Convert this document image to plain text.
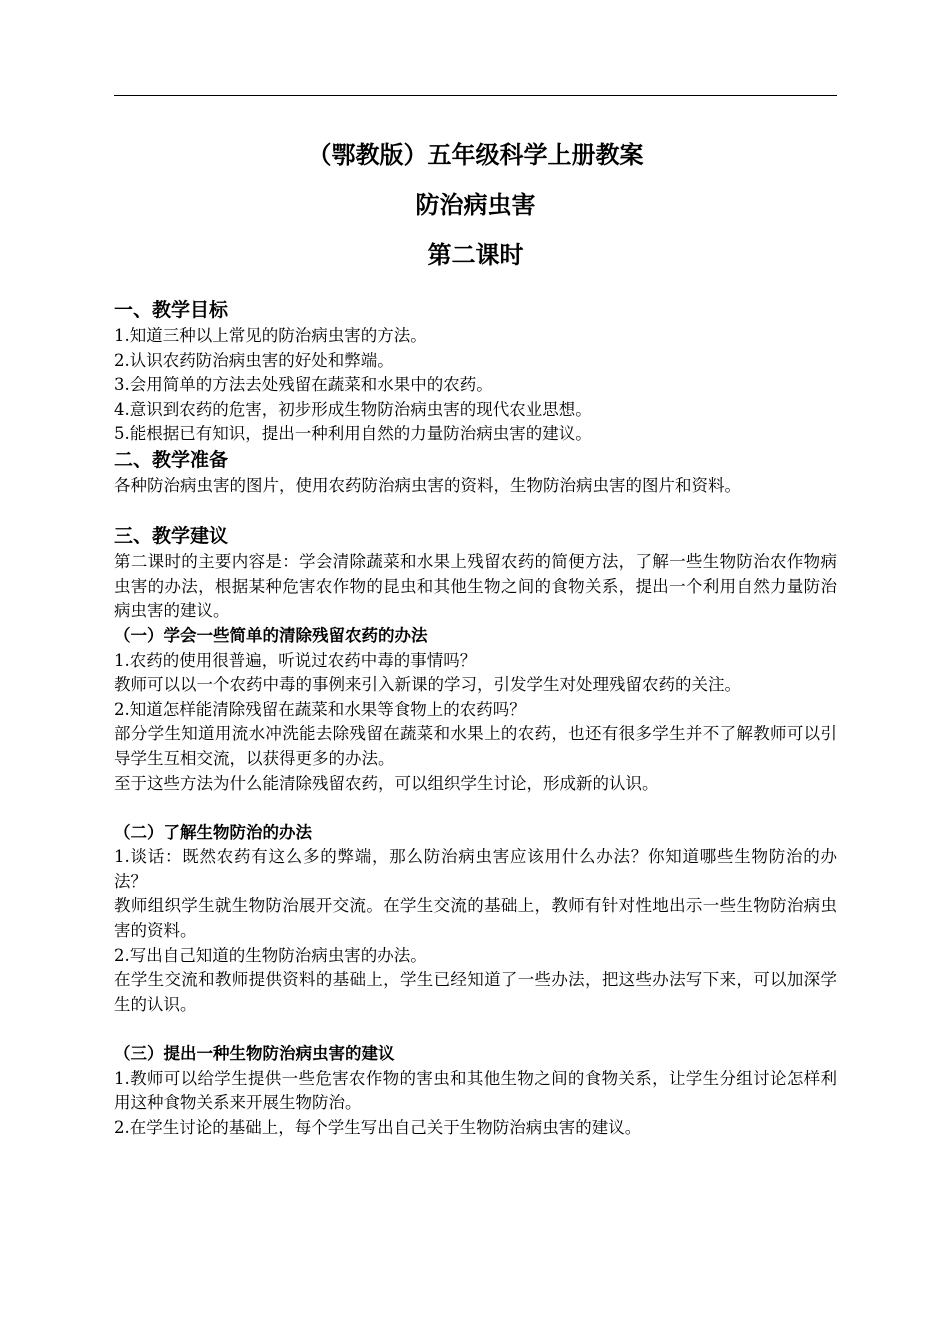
（鄂教版）五年级科学上册教案

防治病虫害

第二课时

一、教学目标

1.知道三种以上常见的防治病虫害的方法。

2.认识农药防治病虫害的好处和弊端。

3.会用简单的方法去处残留在蔬菜和水果中的农药。

4.意识到农药的危害，初步形成生物防治病虫害的现代农业思想。

5.能根据已有知识，提出一种利用自然的力量防治病虫害的建议。

二、教学准备

各种防治病虫害的图片，使用农药防治病虫害的资料，生物防治病虫害的图片和资料。

三、教学建议

第二课时的主要内容是：学会清除蔬菜和水果上残留农药的简便方法，了解一些生物防治农作物病虫害的办法，根据某种危害农作物的昆虫和其他生物之间的食物关系，提出一个利用自然力量防治病虫害的建议。

（一）学会一些简单的清除残留农药的办法

1.农药的使用很普遍，听说过农药中毒的事情吗？

教师可以以一个农药中毒的事例来引入新课的学习，引发学生对处理残留农药的关注。

2.知道怎样能清除残留在蔬菜和水果等食物上的农药吗？

部分学生知道用流水冲洗能去除残留在蔬菜和水果上的农药，也还有很多学生并不了解教师可以引导学生互相交流，以获得更多的办法。

至于这些方法为什么能清除残留农药，可以组织学生讨论，形成新的认识。

（二）了解生物防治的办法

1.谈话：既然农药有这么多的弊端，那么防治病虫害应该用什么办法？你知道哪些生物防治的办法？

教师组织学生就生物防治展开交流。在学生交流的基础上，教师有针对性地出示一些生物防治病虫害的资料。

2.写出自己知道的生物防治病虫害的办法。

在学生交流和教师提供资料的基础上，学生已经知道了一些办法，把这些办法写下来，可以加深学生的认识。

（三）提出一种生物防治病虫害的建议

1.教师可以给学生提供一些危害农作物的害虫和其他生物之间的食物关系，让学生分组讨论怎样利用这种食物关系来开展生物防治。

2.在学生讨论的基础上，每个学生写出自己关于生物防治病虫害的建议。
